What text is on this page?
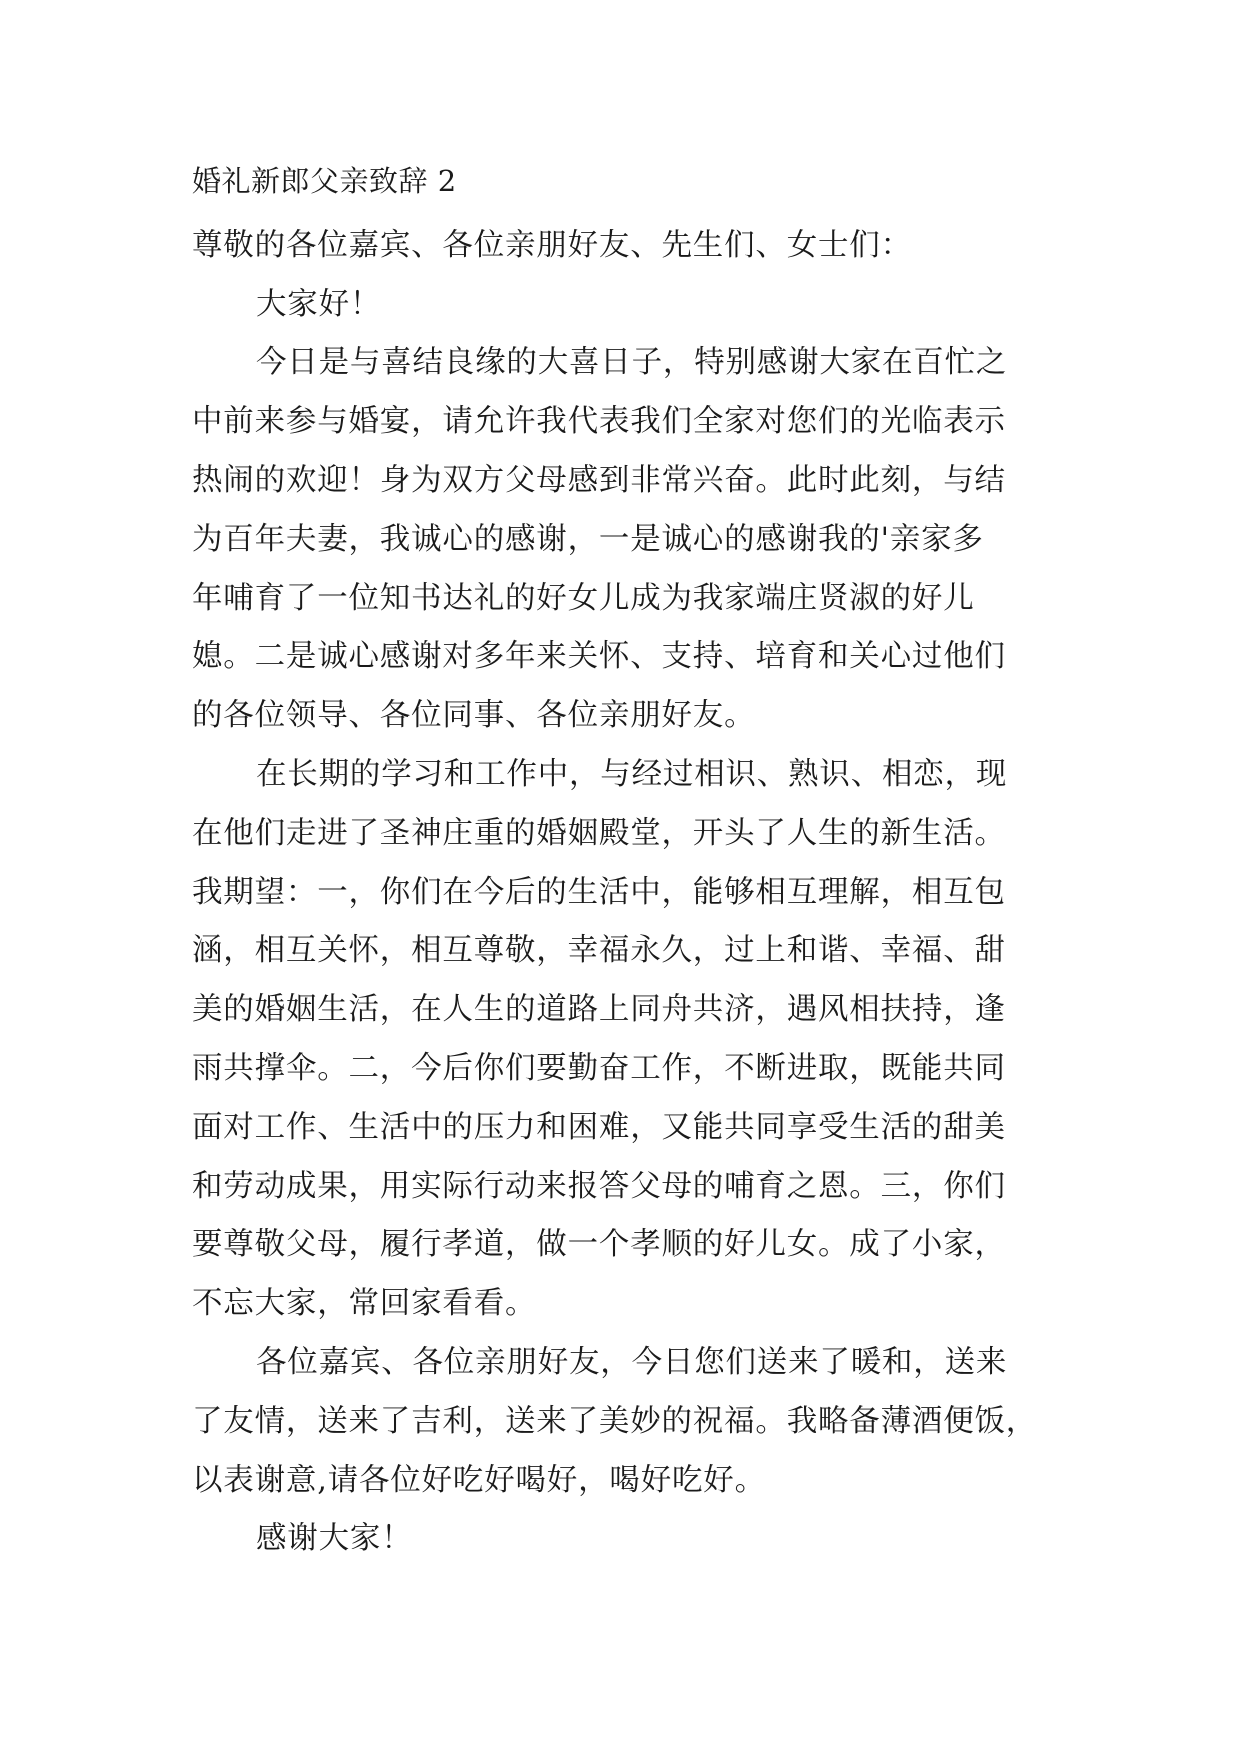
婚礼新郎父亲致辞 2
尊敬的各位嘉宾、各位亲朋好友、先生们、女士们：
大家好！
今日是与喜结良缘的大喜日子，特别感谢大家在百忙之
中前来参与婚宴，请允许我代表我们全家对您们的光临表示
热闹的欢迎！身为双方父母感到非常兴奋。此时此刻，与结
为百年夫妻，我诚心的感谢，一是诚心的感谢我的'亲家多
年哺育了一位知书达礼的好女儿成为我家端庄贤淑的好儿
媳。二是诚心感谢对多年来关怀、支持、培育和关心过他们
的各位领导、各位同事、各位亲朋好友。
在长期的学习和工作中，与经过相识、熟识、相恋，现
在他们走进了圣神庄重的婚姻殿堂，开头了人生的新生活。
我期望：一，你们在今后的生活中，能够相互理解，相互包
涵，相互关怀，相互尊敬，幸福永久，过上和谐、幸福、甜
美的婚姻生活，在人生的道路上同舟共济，遇风相扶持，逢
雨共撑伞。二，今后你们要勤奋工作，不断进取，既能共同
面对工作、生活中的压力和困难，又能共同享受生活的甜美
和劳动成果，用实际行动来报答父母的哺育之恩。三，你们
要尊敬父母，履行孝道，做一个孝顺的好儿女。成了小家，
不忘大家，常回家看看。
各位嘉宾、各位亲朋好友，今日您们送来了暖和，送来
了友情，送来了吉利，送来了美妙的祝福。我略备薄酒便饭，
以表谢意,请各位好吃好喝好，喝好吃好。
感谢大家！
